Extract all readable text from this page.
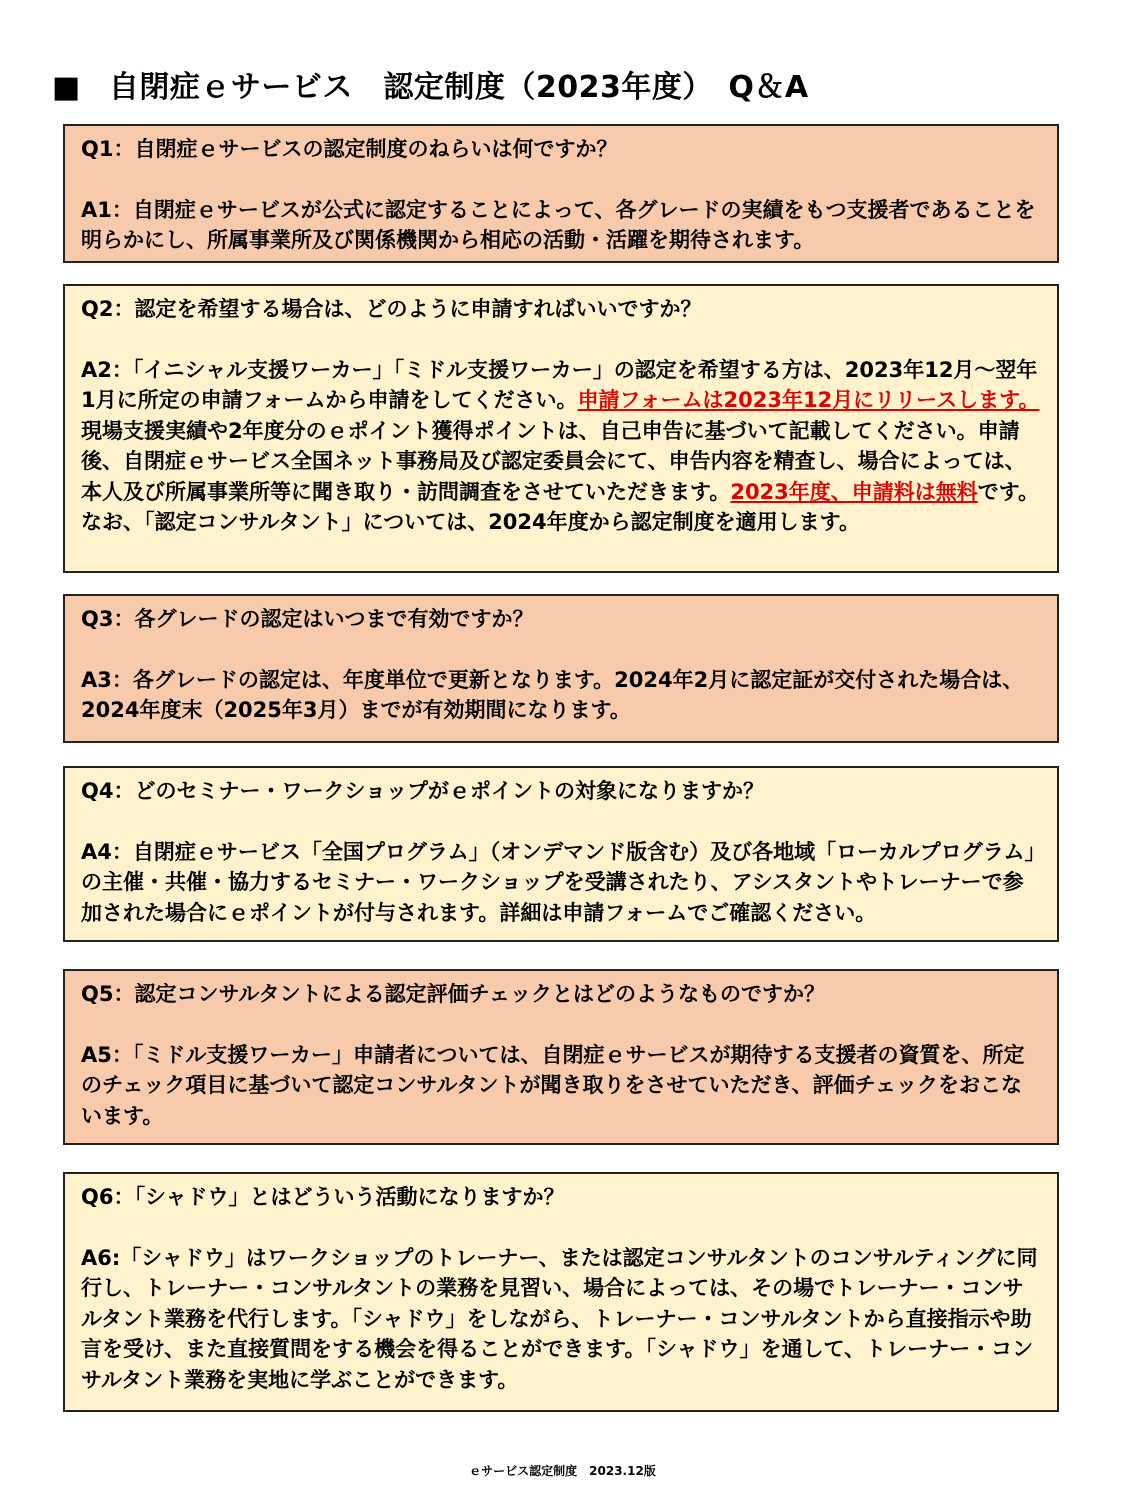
■ 自閉症ｅサービス　認定制度（2023年度）　Q＆A

Q1：自閉症ｅサービスの認定制度のねらいは何ですか？

A1：自閉症ｅサービスが公式に認定することによって、各グレードの実績をもつ支援者であることを明らかにし、所属事業所及び関係機関から相応の活動・活躍を期待されます。

Q2：認定を希望する場合は、どのように申請すればいいですか？

A2：「イニシャル支援ワーカー」「ミドル支援ワーカー」の認定を希望する方は、2023年12月～翌年1月に所定の申請フォームから申請をしてください。申請フォームは2023年12月にリリースします。現場支援実績や2年度分のｅポイント獲得ポイントは、自己申告に基づいて記載してください。申請後、自閉症ｅサービス全国ネット事務局及び認定委員会にて、申告内容を精査し、場合によっては、本人及び所属事業所等に聞き取り・訪問調査をさせていただきます。2023年度、申請料は無料です。なお、「認定コンサルタント」については、2024年度から認定制度を適用します。

Q3：各グレードの認定はいつまで有効ですか？

A3：各グレードの認定は、年度単位で更新となります。2024年2月に認定証が交付された場合は、2024年度末（2025年3月）までが有効期間になります。

Q4：どのセミナー・ワークショップがｅポイントの対象になりますか？

A4：自閉症ｅサービス「全国プログラム」（オンデマンド版含む）及び各地域「ローカルプログラム」の主催・共催・協力するセミナー・ワークショップを受講されたり、アシスタントやトレーナーで参加された場合にｅポイントが付与されます。詳細は申請フォームでご確認ください。

Q5：認定コンサルタントによる認定評価チェックとはどのようなものですか？

A5：「ミドル支援ワーカー」申請者については、自閉症ｅサービスが期待する支援者の資質を、所定のチェック項目に基づいて認定コンサルタントが聞き取りをさせていただき、評価チェックをおこないます。

Q6：「シャドウ」とはどういう活動になりますか？

A6:「シャドウ」はワークショップのトレーナー、または認定コンサルタントのコンサルティングに同行し、トレーナー・コンサルタントの業務を見習い、場合によっては、その場でトレーナー・コンサルタント業務を代行します。「シャドウ」をしながら、トレーナー・コンサルタントから直接指示や助言を受け、また直接質問をする機会を得ることができます。「シャドウ」を通して、トレーナー・コンサルタント業務を実地に学ぶことができます。

ｅサービス認定制度　2023.12版
